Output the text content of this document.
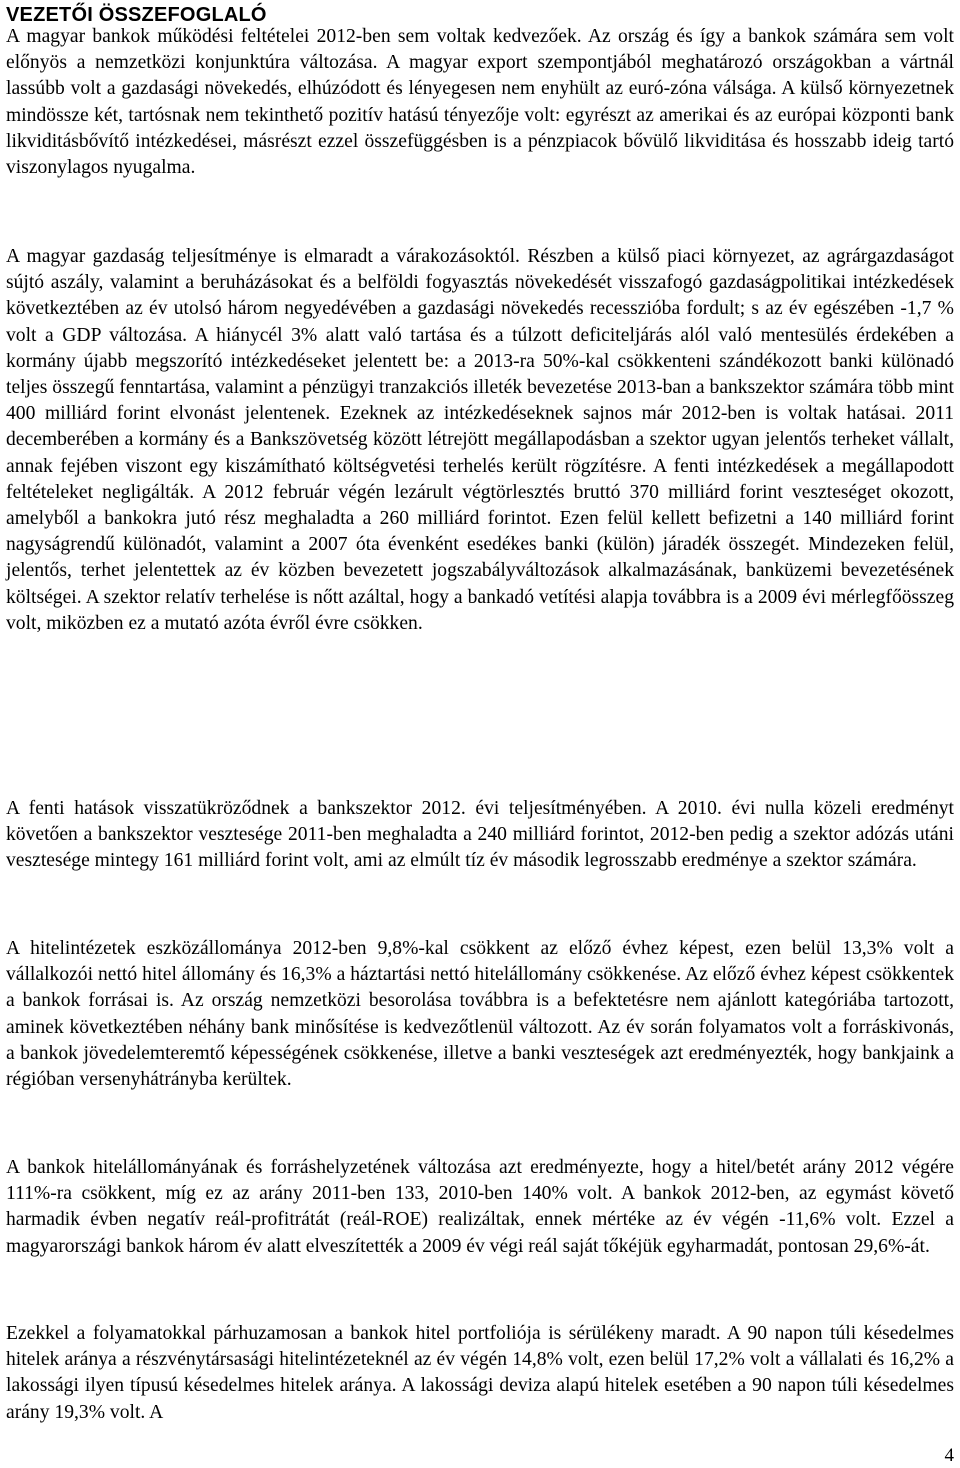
VEZETŐI ÖSSZEFOGLALÓ

A magyar bankok működési feltételei 2012-ben sem voltak kedvezőek. Az ország és így a bankok számára sem volt előnyös a nemzetközi konjunktúra változása. A magyar export szempontjából meghatározó országokban a vártnál lassúbb volt a gazdasági növekedés, elhúzódott és lényegesen nem enyhült az euró-zóna válsága. A külső környezetnek mindössze két, tartósnak nem tekinthető pozitív hatású tényezője volt: egyrészt az amerikai és az európai központi bank likviditásbővítő intézkedései, másrészt ezzel összefüggésben is a pénzpiacok bővülő likviditása és hosszabb ideig tartó viszonylagos nyugalma.

A magyar gazdaság teljesítménye is elmaradt a várakozásoktól. Részben a külső piaci környezet, az agrárgazdaságot sújtó aszály, valamint a beruházásokat és a belföldi fogyasztás növekedését visszafogó gazdaságpolitikai intézkedések következtében az év utolsó három negyedévében a gazdasági növekedés recesszióba fordult; s az év egészében -1,7 % volt a GDP változása. A hiánycél 3% alatt való tartása és a túlzott deficiteljárás alól való mentesülés érdekében a kormány újabb megszorító intézkedéseket jelentett be: a 2013-ra 50%-kal csökkenteni szándékozott banki különadó teljes összegű fenntartása, valamint a pénzügyi tranzakciós illeték bevezetése 2013-ban a bankszektor számára több mint 400 milliárd forint elvonást jelentenek. Ezeknek az intézkedéseknek sajnos már 2012-ben is voltak hatásai. 2011 decemberében a kormány és a Bankszövetség között létrejött megállapodásban a szektor ugyan jelentős terheket vállalt, annak fejében viszont egy kiszámítható költségvetési terhelés került rögzítésre. A fenti intézkedések a megállapodott feltételeket negligálták. A 2012 február végén lezárult végtörlesztés bruttó 370 milliárd forint veszteséget okozott, amelyből a bankokra jutó rész meghaladta a 260 milliárd forintot. Ezen felül kellett befizetni a 140 milliárd forint nagyságrendű különadót, valamint a 2007 óta évenként esedékes banki (külön) járadék összegét. Mindezeken felül, jelentős, terhet jelentettek az év közben bevezetett jogszabályváltozások alkalmazásának, banküzemi bevezetésének költségei. A szektor relatív terhelése is nőtt azáltal, hogy a bankadó vetítési alapja továbbra is a 2009 évi mérlegfőösszeg volt, miközben ez a mutató azóta évről évre csökken.

A fenti hatások visszatükröződnek a bankszektor 2012. évi teljesítményében. A 2010. évi nulla közeli eredményt követően a bankszektor vesztesége 2011-ben meghaladta a 240 milliárd forintot, 2012-ben pedig a szektor adózás utáni vesztesége mintegy 161 milliárd forint volt, ami az elmúlt tíz év második legrosszabb eredménye a szektor számára.

A hitelintézetek eszközállománya 2012-ben 9,8%-kal csökkent az előző évhez képest, ezen belül 13,3% volt a vállalkozói nettó hitel állomány és 16,3% a háztartási nettó hitelállomány csökkenése. Az előző évhez képest csökkentek a bankok forrásai is. Az ország nemzetközi besorolása továbbra is a befektetésre nem ajánlott kategóriába tartozott, aminek következtében néhány bank minősítése is kedvezőtlenül változott. Az év során folyamatos volt a forráskivonás, a bankok jövedelemteremtő képességének csökkenése, illetve a banki veszteségek azt eredményezték, hogy bankjaink a régióban versenyhátrányba kerültek.

A bankok hitelállományának és forráshelyzetének változása azt eredményezte, hogy a hitel/betét arány 2012 végére 111%-ra csökkent, míg ez az arány 2011-ben 133, 2010-ben 140% volt. A bankok 2012-ben, az egymást követő harmadik évben negatív reál-profitrátát (reál-ROE) realizáltak, ennek mértéke az év végén -11,6% volt. Ezzel a magyarországi bankok három év alatt elveszítették a 2009 év végi reál saját tőkéjük egyharmadát, pontosan 29,6%-át.

Ezekkel a folyamatokkal párhuzamosan a bankok hitel portfoliója is sérülékeny maradt. A 90 napon túli késedelmes hitelek aránya a részvénytársasági hitelintézeteknél az év végén 14,8% volt, ezen belül 17,2% volt a vállalati és 16,2% a lakossági ilyen típusú késedelmes hitelek aránya. A lakossági deviza alapú hitelek esetében a 90 napon túli késedelmes arány 19,3% volt. A

4
